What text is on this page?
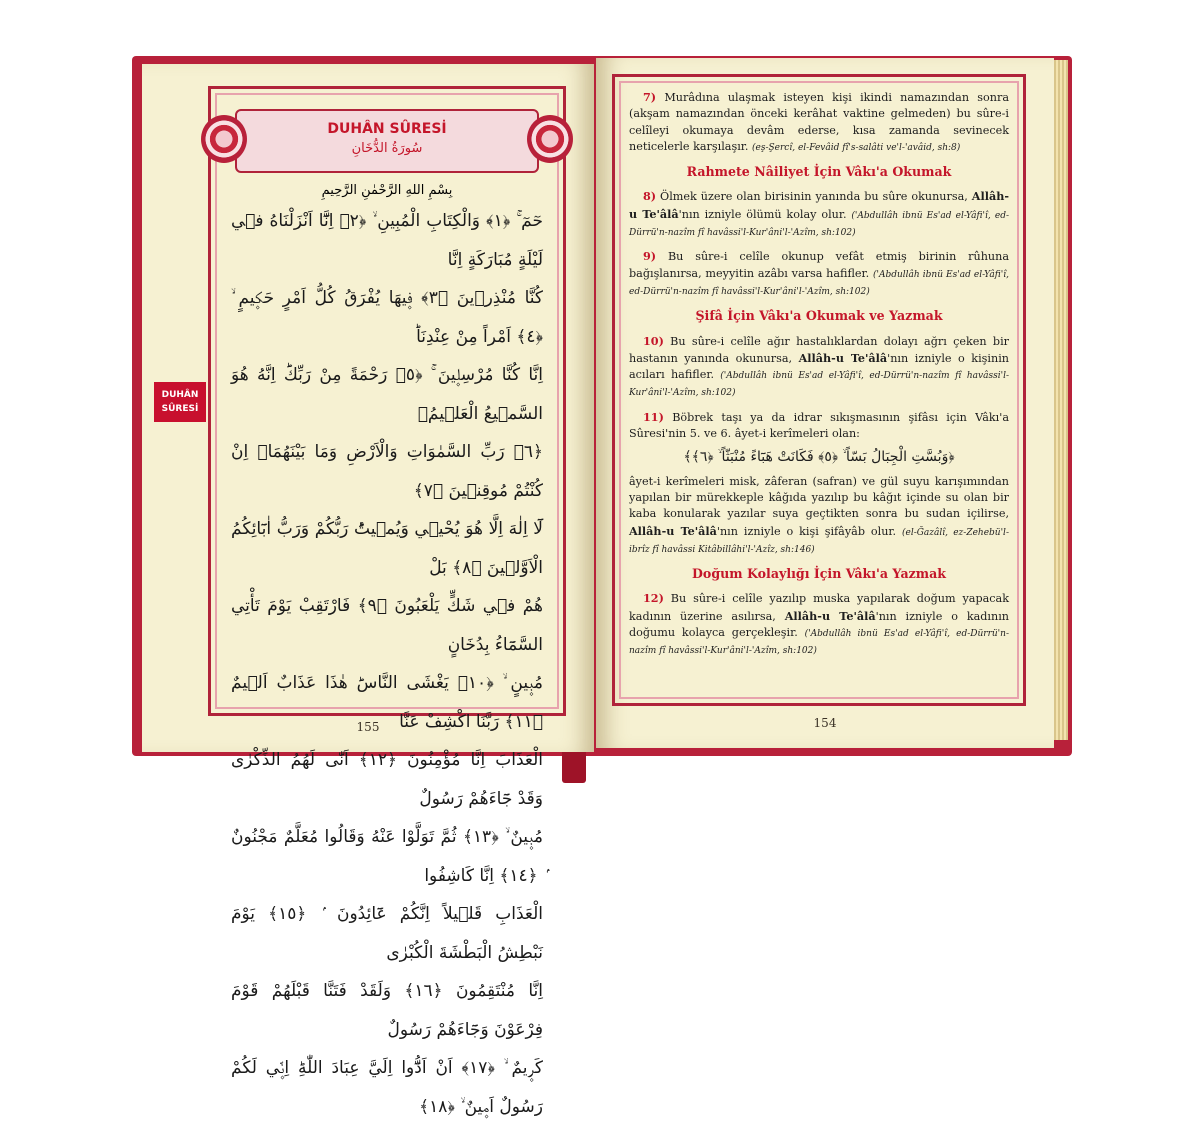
DUHÂN SÛRESİ
سُورَةُ الدُّخَانِ
بِسْمِ اللهِ الرَّحْمٰنِ الرَّحِيمِ
حٓمٓ ۚ ﴿١﴾ وَالْكِتَابِ الْمُبِينِ ۙ ﴿٢﴾ اِنَّٓا اَنْزَلْنَاهُ ف۪ي لَيْلَةٍ مُبَارَكَةٍ اِنَّا
كُنَّا مُنْذِر۪ينَ ﴿٣﴾ ف۪يهَا يُفْرَقُ كُلُّ اَمْرٍ حَك۪يمٍ ۙ ﴿٤﴾ اَمْراً مِنْ عِنْدِنَاؕ
اِنَّا كُنَّا مُرْسِل۪ينَ ۚ ﴿٥﴾ رَحْمَةً مِنْ رَبِّكَؕ اِنَّهُ هُوَ السَّم۪يعُ الْعَل۪يمُۙ
﴿٦﴾ رَبِّ السَّمٰوَاتِ وَالْاَرْضِ وَمَا بَيْنَهُمَاۢ اِنْ كُنْتُمْ مُوقِن۪ينَ ﴿٧﴾
لَٓا اِلٰهَ اِلَّا هُوَ يُحْي۪ي وَيُم۪يتُؕ رَبُّكُمْ وَرَبُّ اٰبَٓائِكُمُ الْاَوَّل۪ينَ ﴿٨﴾ بَلْ
هُمْ ف۪ي شَكٍّ يَلْعَبُونَ ﴿٩﴾ فَارْتَقِبْ يَوْمَ تَأْتِي السَّمَٓاءُ بِدُخَانٍ
مُب۪ينٍ ۙ ﴿١٠﴾ يَغْشَى النَّاسَؕ هٰذَا عَذَابٌ اَل۪يمٌ ﴿١١﴾ رَبَّنَا اكْشِفْ عَنَّا
الْعَذَابَ اِنَّا مُؤْمِنُونَ ﴿١٢﴾ اَنّٰى لَهُمُ الذِّكْرٰى وَقَدْ جَٓاءَهُمْ رَسُولٌ
مُب۪ينٌ ۙ ﴿١٣﴾ ثُمَّ تَوَلَّوْا عَنْهُ وَقَالُوا مُعَلَّمٌ مَجْنُونٌ ۢ ﴿١٤﴾ اِنَّا كَاشِفُوا
الْعَذَابِ قَل۪يلاً اِنَّكُمْ عَٓائِدُونَ ۢ ﴿١٥﴾ يَوْمَ نَبْطِشُ الْبَطْشَةَ الْكُبْرٰى
اِنَّا مُنْتَقِمُونَ ﴿١٦﴾ وَلَقَدْ فَتَنَّا قَبْلَهُمْ قَوْمَ فِرْعَوْنَ وَجَٓاءَهُمْ رَسُولٌ
كَر۪يمٌ ۙ ﴿١٧﴾ اَنْ اَدُّٓوا اِلَيَّ عِبَادَ اللّٰهِؕ اِنّ۪ي لَكُمْ رَسُولٌ اَم۪ينٌ ۙ ﴿١٨﴾
155
DUHÂN SÛRESİ

7) Murâdına ulaşmak isteyen kişi ikindi namazından sonra (akşam namazından önceki kerâhat vaktine gelmeden) bu sûre-i celîleyi okumaya devâm ederse, kısa zamanda sevinecek neticelerle karşılaşır. (eş-Şercî, el-Fevâid fî's-salâti ve'l-'avâid, sh:8)

Rahmete Nâiliyet İçin Vâkı'a Okumak

8) Ölmek üzere olan birisinin yanında bu sûre okunursa, Allâh-u Te'âlâ'nın izniyle ölümü kolay olur. ('Abdullâh ibnü Es'ad el-Yâfi'î, ed-Dürrü'n-nazîm fî havâssi'l-Kur'âni'l-'Azîm, sh:102)

9) Bu sûre-i celîle okunup vefât etmiş birinin rûhuna bağışlanırsa, meyyitin azâbı varsa hafifler. ('Abdullâh ibnü Es'ad el-Yâfi'î, ed-Dürrü'n-nazîm fî havâssi'l-Kur'âni'l-'Azîm, sh:102)

Şifâ İçin Vâkı'a Okumak ve Yazmak

10) Bu sûre-i celîle ağır hastalıklardan dolayı ağrı çeken bir hastanın yanında okunursa, Allâh-u Te'âlâ'nın izniyle o kişinin acıları hafifler. ('Abdullâh ibnü Es'ad el-Yâfi'î, ed-Dürrü'n-nazîm fî havâssi'l-Kur'âni'l-'Azîm, sh:102)

11) Böbrek taşı ya da idrar sıkışmasının şifâsı için Vâkı'a Sûresi'nin 5. ve 6. âyet-i kerîmeleri olan:

﴿وَبُسَّتِ الْجِبَالُ بَسّاً ۙ ﴿٥﴾ فَكَانَتْ هَبَٓاءً مُنْبَثّاً ۙ ﴿٦﴾﴾

âyet-i kerîmeleri misk, zâferan (safran) ve gül suyu karışımından yapılan bir mürekkeple kâğıda yazılıp bu kâğıt içinde su olan bir kaba konularak yazılar suya geçtikten sonra bu sudan içilirse, Allâh-u Te'âlâ'nın izniyle o kişi şifâyâb olur. (el-Ğazâlî, ez-Zehebü'l-ibrîz fî havâssi Kitâbillâhi'l-'Azîz, sh:146)

Doğum Kolaylığı İçin Vâkı'a Yazmak

12) Bu sûre-i celîle yazılıp muska yapılarak doğum yapacak kadının üzerine asılırsa, Allâh-u Te'âlâ'nın izniyle o kadının doğumu kolayca gerçekleşir. ('Abdullâh ibnü Es'ad el-Yâfi'î, ed-Dürrü'n-nazîm fî havâssi'l-Kur'âni'l-'Azîm, sh:102)

154
